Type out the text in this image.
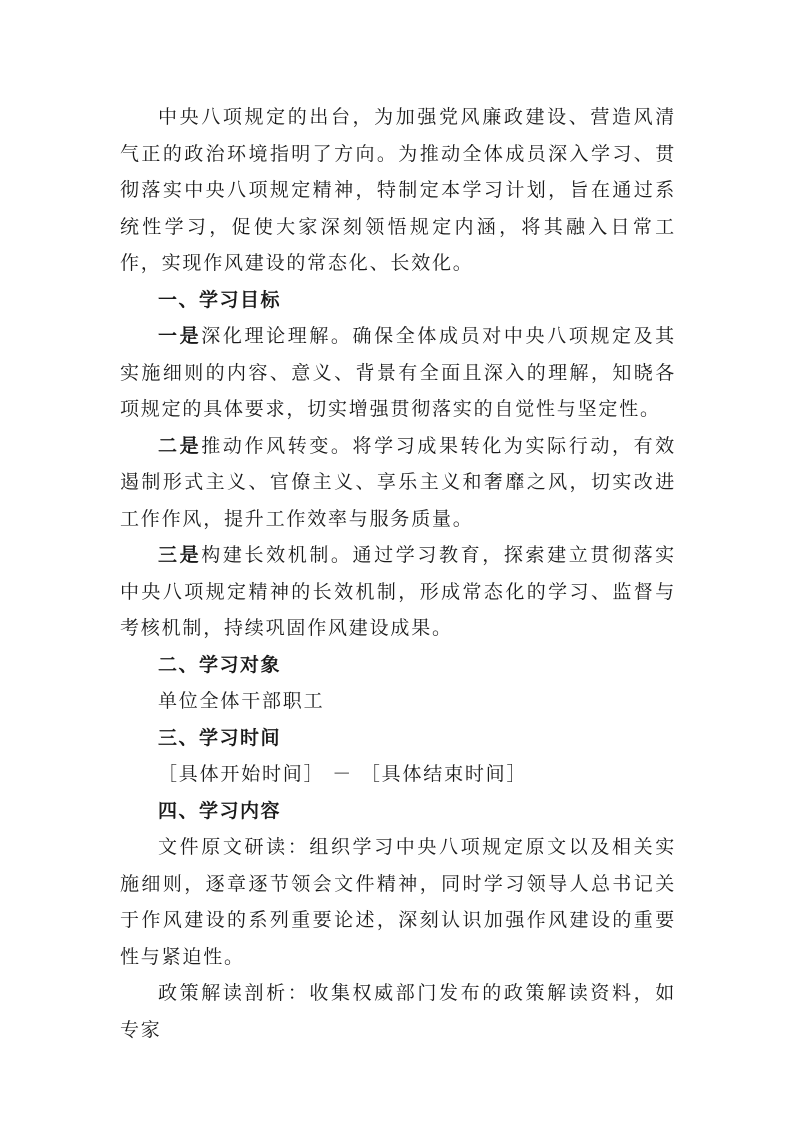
中央八项规定的出台，为加强党风廉政建设、营造风清气正的政治环境指明了方向。为推动全体成员深入学习、贯彻落实中央八项规定精神，特制定本学习计划，旨在通过系统性学习，促使大家深刻领悟规定内涵，将其融入日常工作，实现作风建设的常态化、长效化。

一、学习目标

一是深化理论理解。确保全体成员对中央八项规定及其实施细则的内容、意义、背景有全面且深入的理解，知晓各项规定的具体要求，切实增强贯彻落实的自觉性与坚定性。

二是推动作风转变。将学习成果转化为实际行动，有效遏制形式主义、官僚主义、享乐主义和奢靡之风，切实改进工作作风，提升工作效率与服务质量。

三是构建长效机制。通过学习教育，探索建立贯彻落实中央八项规定精神的长效机制，形成常态化的学习、监督与考核机制，持续巩固作风建设成果。

二、学习对象

单位全体干部职工

三、学习时间

［具体开始时间］ － ［具体结束时间］

四、学习内容

文件原文研读：组织学习中央八项规定原文以及相关实施细则，逐章逐节领会文件精神，同时学习领导人总书记关于作风建设的系列重要论述，深刻认识加强作风建设的重要性与紧迫性。

政策解读剖析：收集权威部门发布的政策解读资料，如专家
